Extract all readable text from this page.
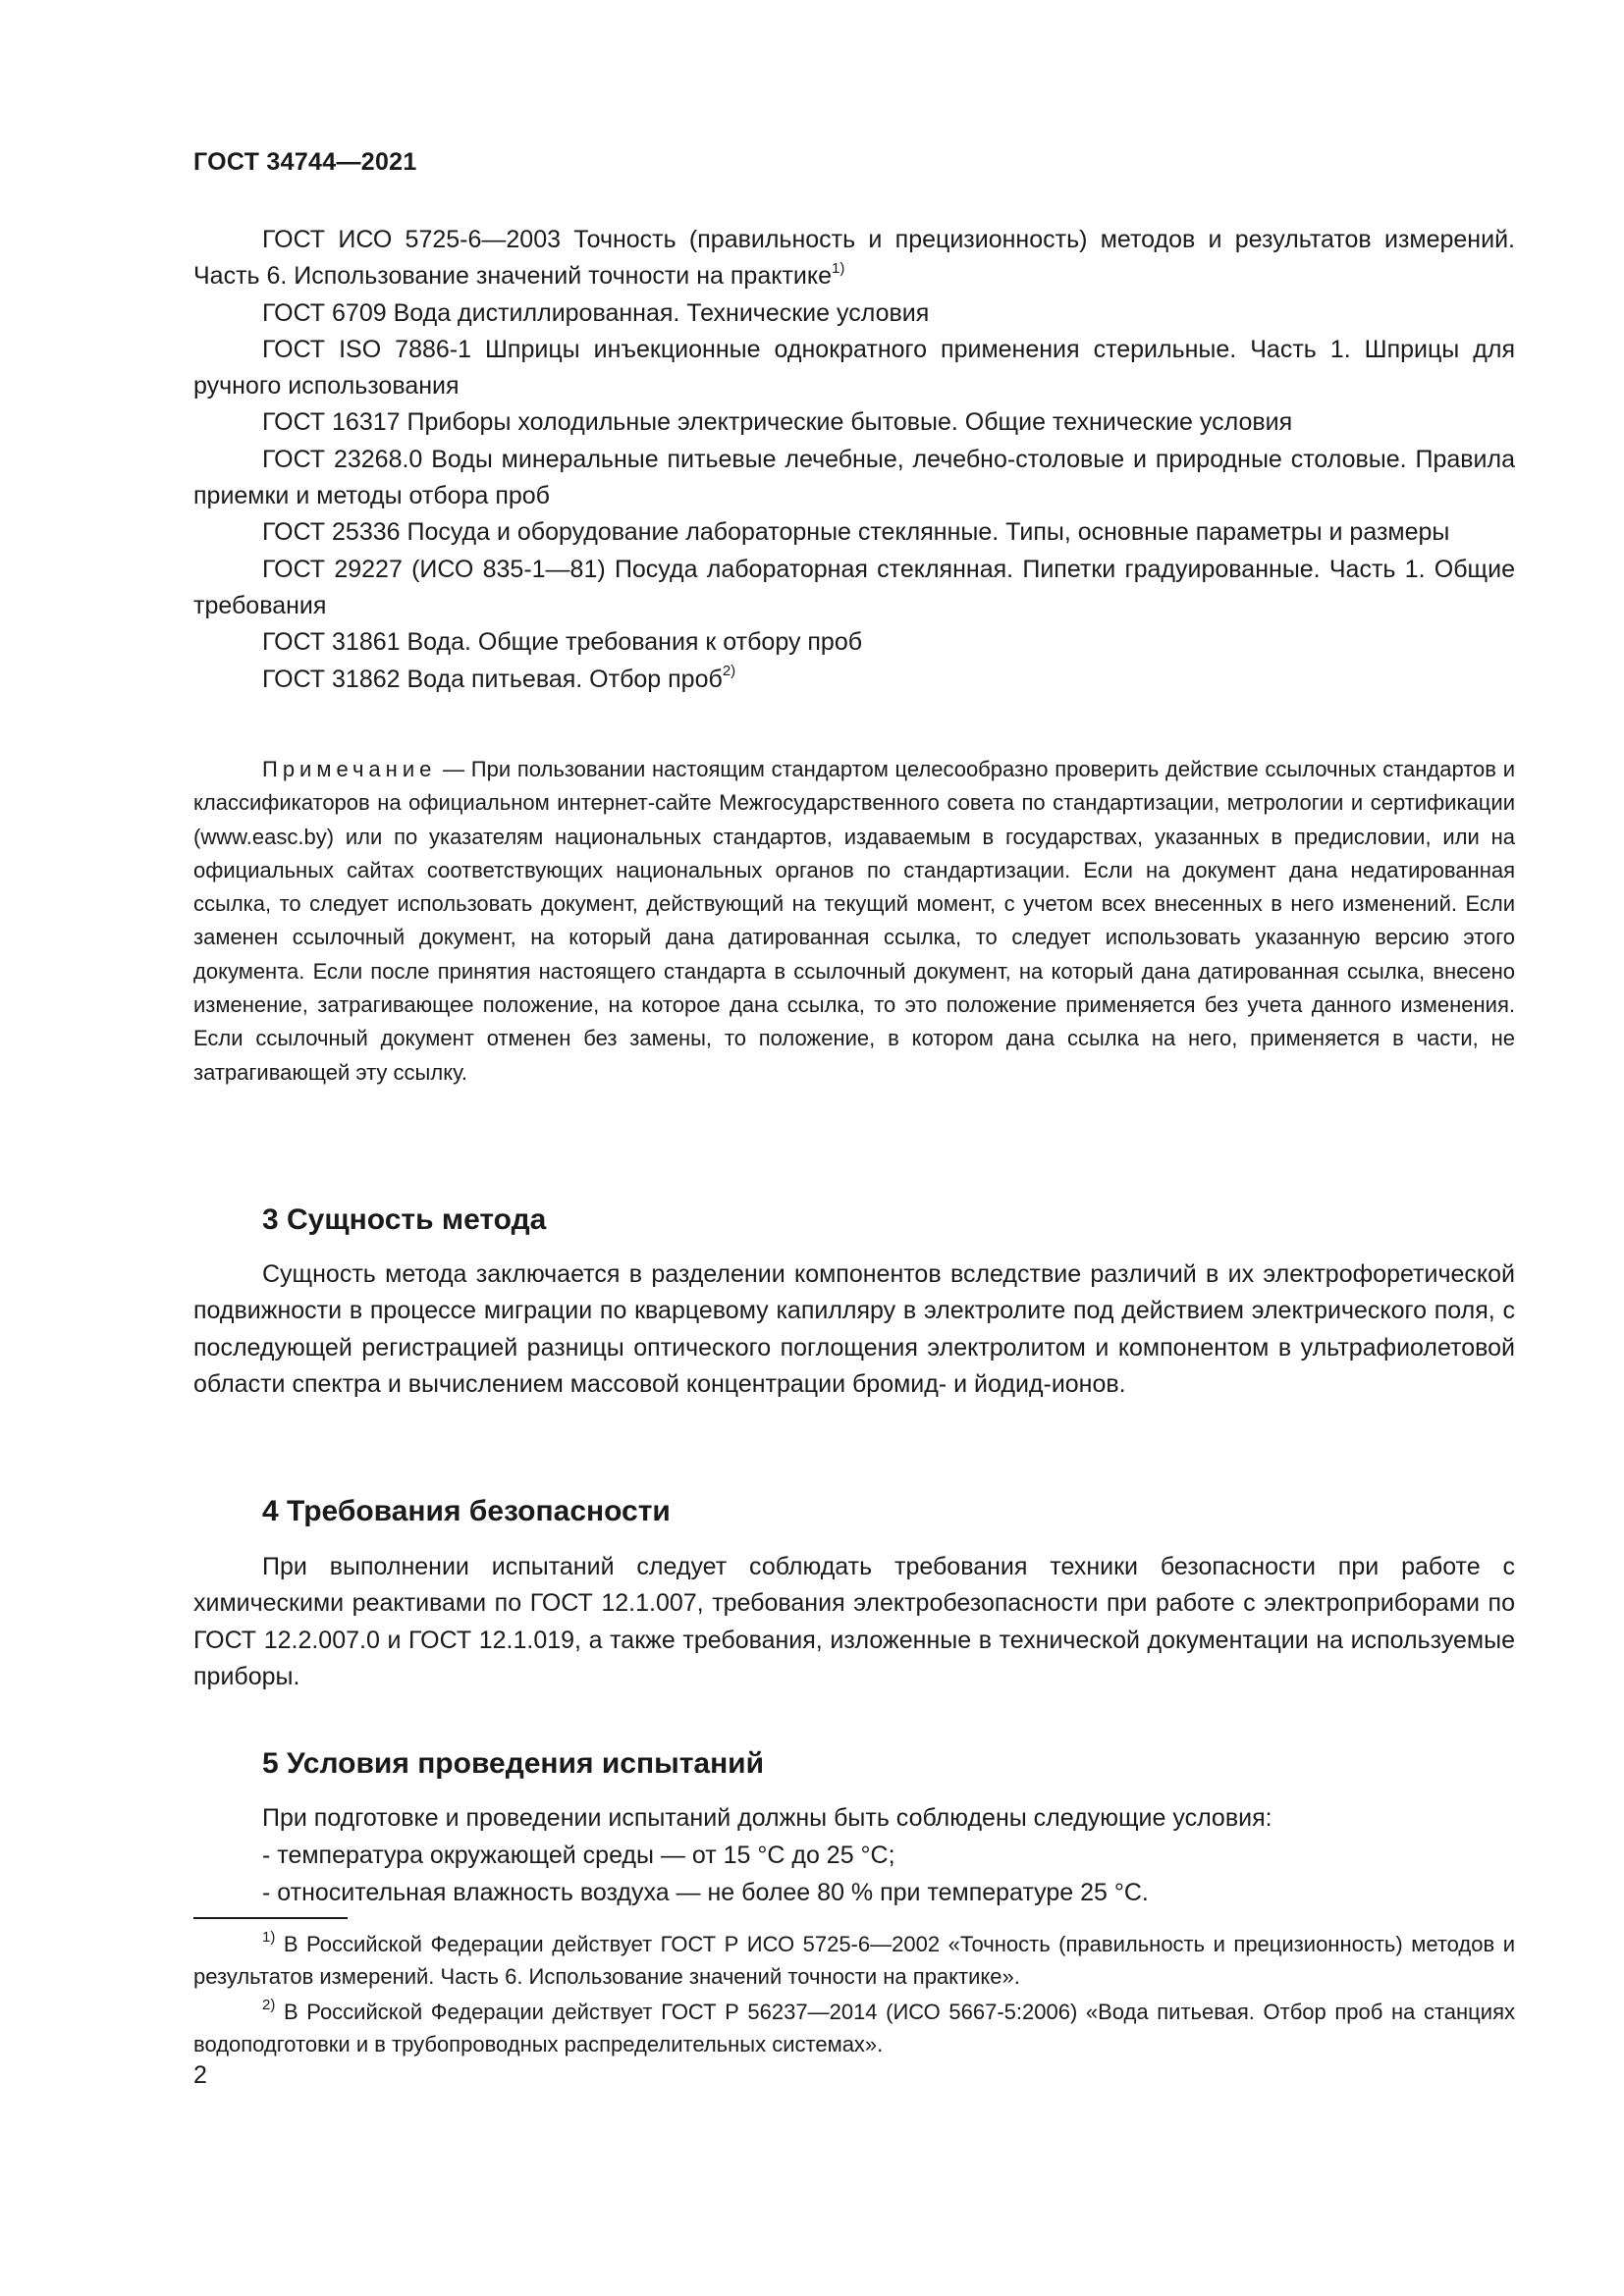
ГОСТ 34744—2021

ГОСТ ИСО 5725-6—2003 Точность (правильность и прецизионность) методов и результатов измерений. Часть 6. Использование значений точности на практике$^{1)}$

ГОСТ 6709 Вода дистиллированная. Технические условия

ГОСТ ISO 7886-1 Шприцы инъекционные однократного применения стерильные. Часть 1. Шприцы для ручного использования

ГОСТ 16317 Приборы холодильные электрические бытовые. Общие технические условия

ГОСТ 23268.0 Воды минеральные питьевые лечебные, лечебно-столовые и природные столовые. Правила приемки и методы отбора проб

ГОСТ 25336 Посуда и оборудование лабораторные стеклянные. Типы, основные параметры и размеры

ГОСТ 29227 (ИСО 835-1—81) Посуда лабораторная стеклянная. Пипетки градуированные. Часть 1. Общие требования

ГОСТ 31861 Вода. Общие требования к отбору проб

ГОСТ 31862 Вода питьевая. Отбор проб$^{2)}$

Примечание — При пользовании настоящим стандартом целесообразно проверить действие ссылочных стандартов и классификаторов на официальном интернет-сайте Межгосударственного совета по стандартизации, метрологии и сертификации (www.easc.by) или по указателям национальных стандартов, издаваемым в государствах, указанных в предисловии, или на официальных сайтах соответствующих национальных органов по стандартизации. Если на документ дана недатированная ссылка, то следует использовать документ, действующий на текущий момент, с учетом всех внесенных в него изменений. Если заменен ссылочный документ, на который дана датированная ссылка, то следует использовать указанную версию этого документа. Если после принятия настоящего стандарта в ссылочный документ, на который дана датированная ссылка, внесено изменение, затрагивающее положение, на которое дана ссылка, то это положение применяется без учета данного изменения. Если ссылочный документ отменен без замены, то положение, в котором дана ссылка на него, применяется в части, не затрагивающей эту ссылку.

3 Сущность метода

Сущность метода заключается в разделении компонентов вследствие различий в их электрофоретической подвижности в процессе миграции по кварцевому капилляру в электролите под действием электрического поля, с последующей регистрацией разницы оптического поглощения электролитом и компонентом в ультрафиолетовой области спектра и вычислением массовой концентрации бромид- и йодид-ионов.

4 Требования безопасности

При выполнении испытаний следует соблюдать требования техники безопасности при работе с химическими реактивами по ГОСТ 12.1.007, требования электробезопасности при работе с электроприборами по ГОСТ 12.2.007.0 и ГОСТ 12.1.019, а также требования, изложенные в технической документации на используемые приборы.

5 Условия проведения испытаний

При подготовке и проведении испытаний должны быть соблюдены следующие условия:

- температура окружающей среды — от 15 °C до 25 °C;

- относительная влажность воздуха — не более 80 % при температуре 25 °C.

$^{1)}$ В Российской Федерации действует ГОСТ Р ИСО 5725-6—2002 «Точность (правильность и прецизионность) методов и результатов измерений. Часть 6. Использование значений точности на практике».

$^{2)}$ В Российской Федерации действует ГОСТ Р 56237—2014 (ИСО 5667-5:2006) «Вода питьевая. Отбор проб на станциях водоподготовки и в трубопроводных распределительных системах».

2
